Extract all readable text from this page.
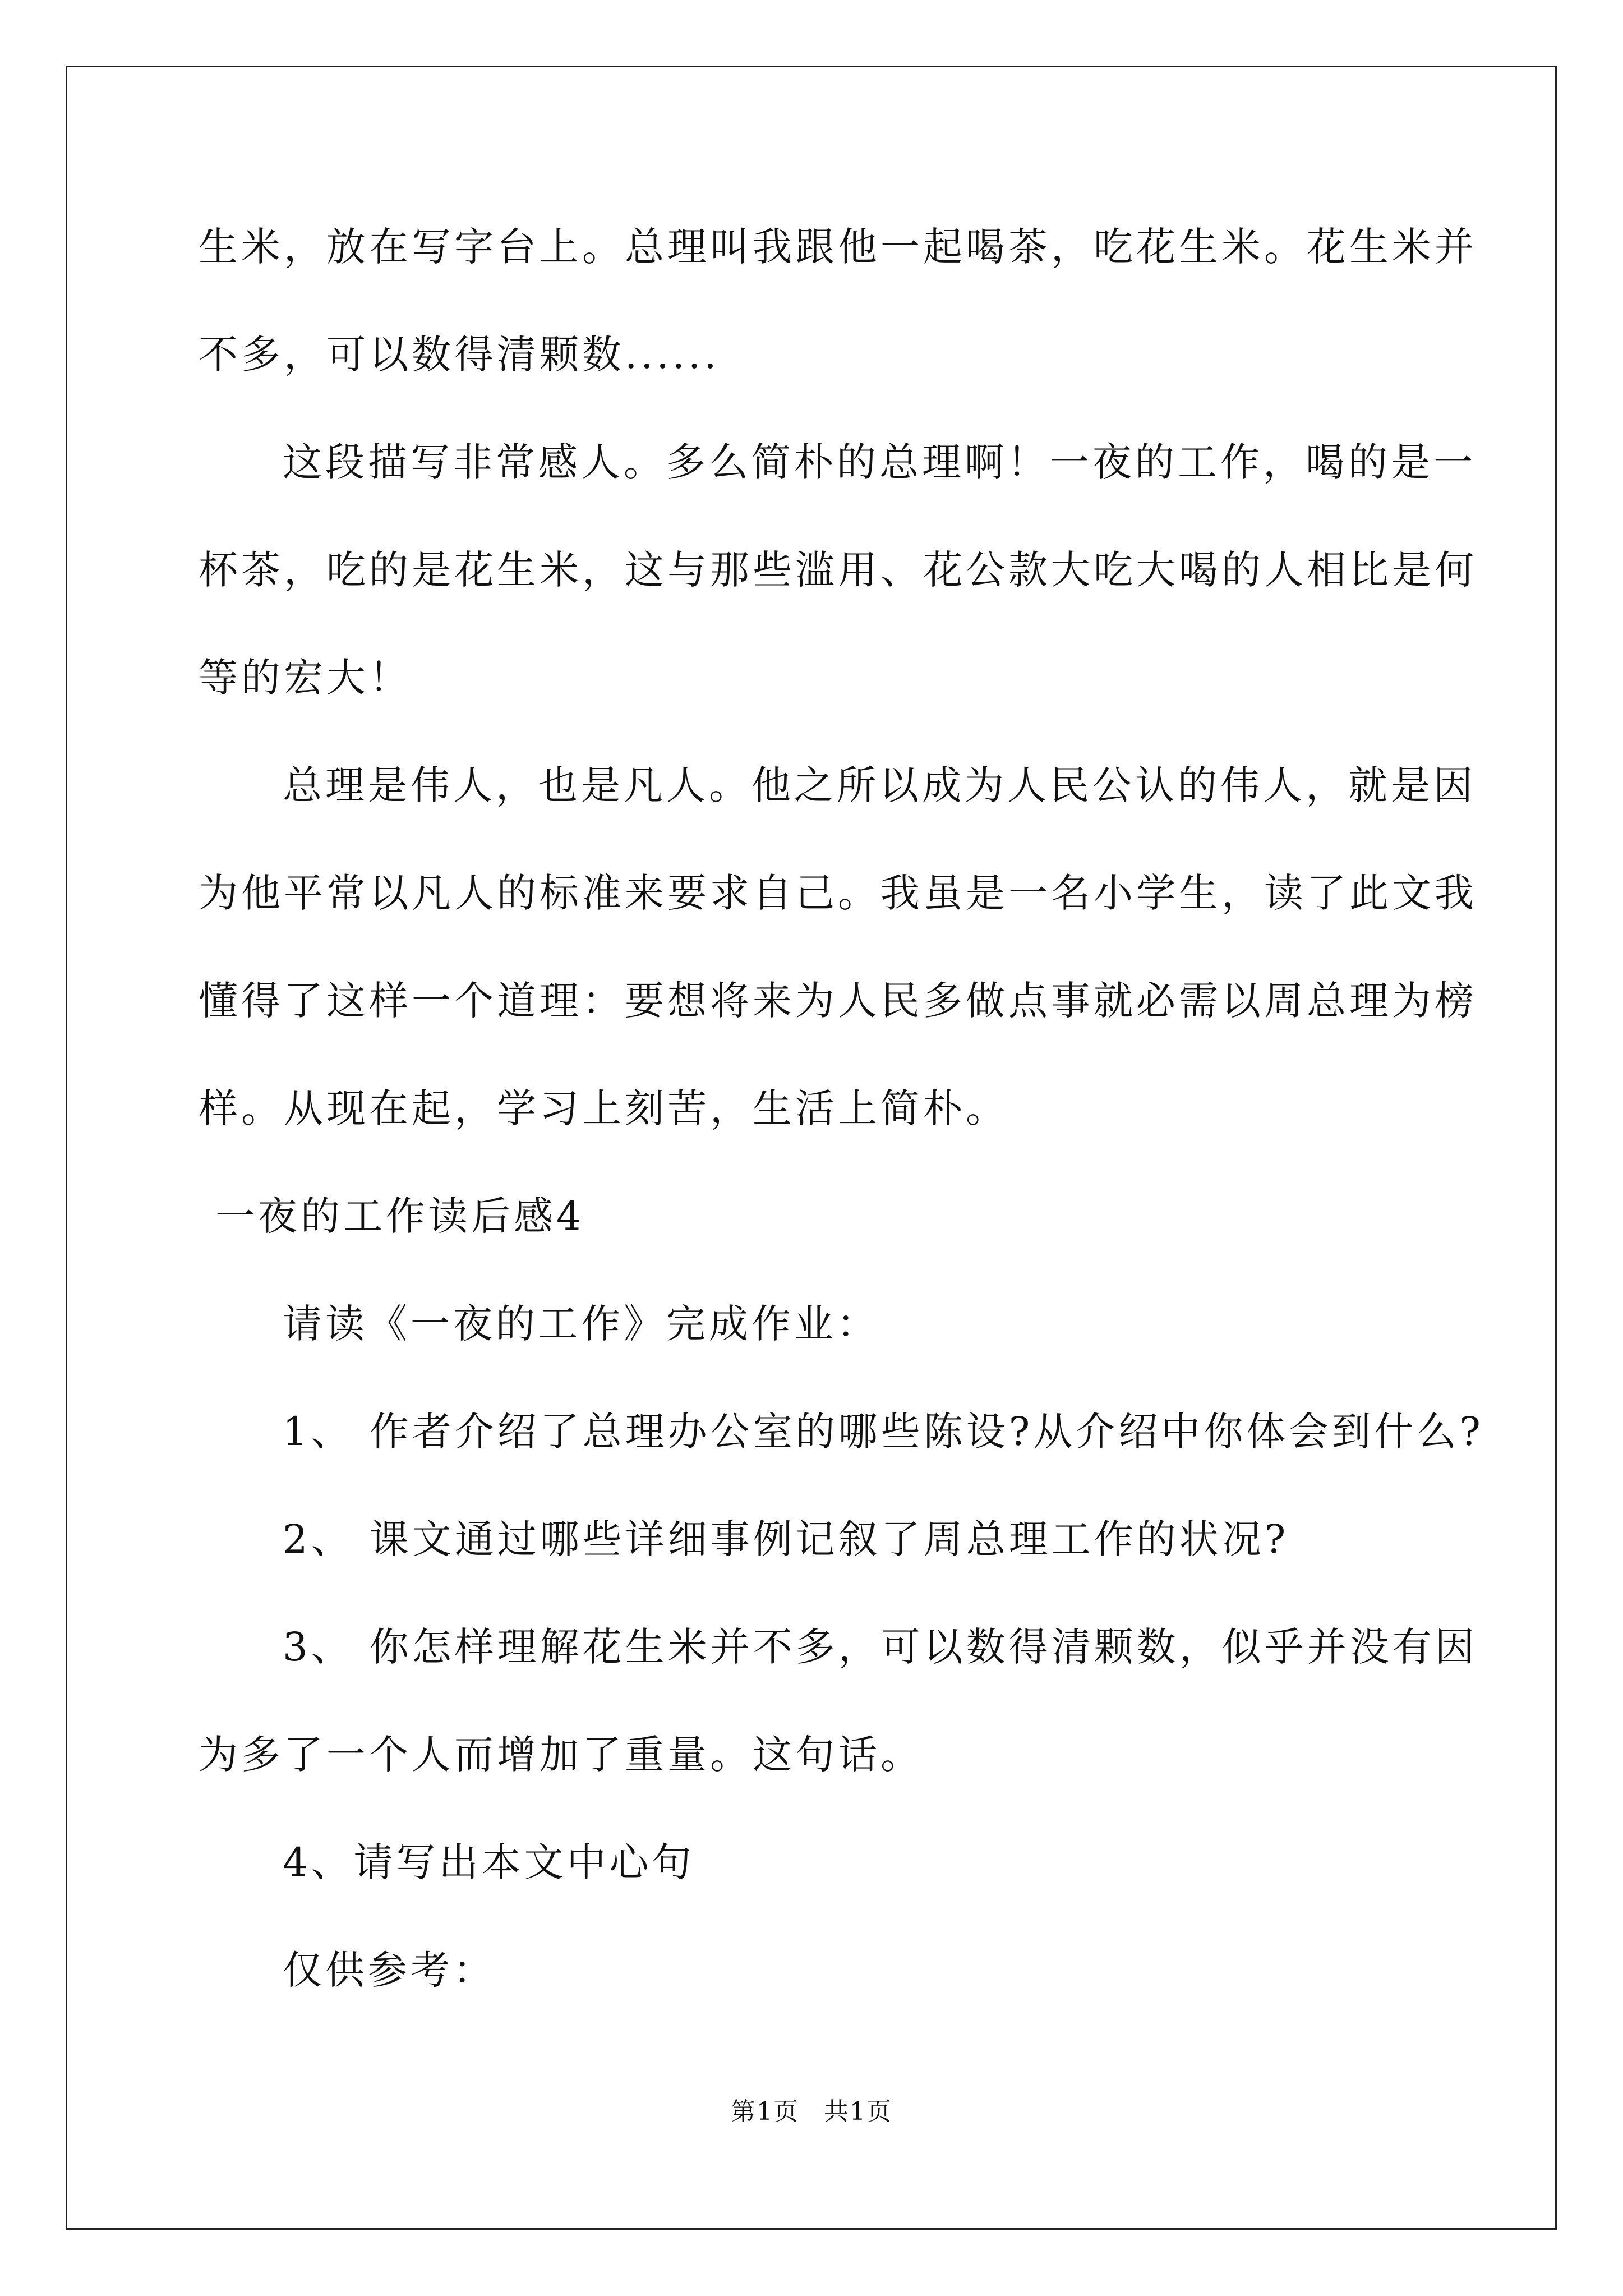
生米，放在写字台上。总理叫我跟他一起喝茶，吃花生米。花生米并

不多，可以数得清颗数......

这段描写非常感人。多么简朴的总理啊！一夜的工作，喝的是一

杯茶，吃的是花生米，这与那些滥用、花公款大吃大喝的人相比是何

等的宏大！

总理是伟人，也是凡人。他之所以成为人民公认的伟人，就是因

为他平常以凡人的标准来要求自己。我虽是一名小学生，读了此文我

懂得了这样一个道理：要想将来为人民多做点事就必需以周总理为榜

样。从现在起，学习上刻苦，生活上简朴。

一夜的工作读后感4

请读《一夜的工作》完成作业：

1、 作者介绍了总理办公室的哪些陈设?从介绍中你体会到什么?

2、 课文通过哪些详细事例记叙了周总理工作的状况?

3、 你怎样理解花生米并不多，可以数得清颗数，似乎并没有因

为多了一个人而增加了重量。这句话。

4、请写出本文中心句

仅供参考：

第1页 共1页
